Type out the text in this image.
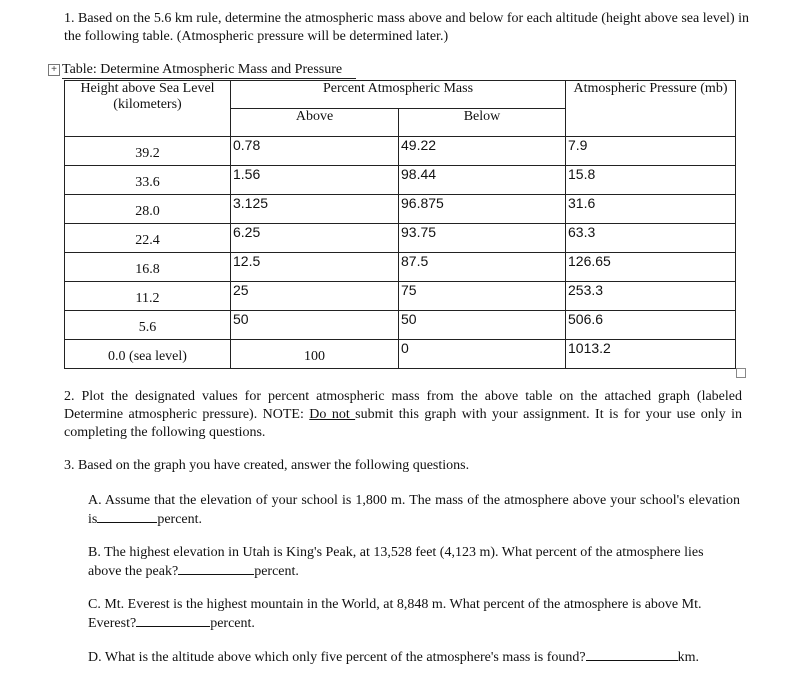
1. Based on the 5.6 km rule, determine the atmospheric mass above and below for each altitude (height above sea level) in the following table. (Atmospheric pressure will be determined later.)
+ Table: Determine Atmospheric Mass and Pressure
Height above Sea Level (kilometers)	Percent Atmospheric Mass		Atmospheric Pressure (mb)
	Above	Below	
39.2	0.78	49.22	7.9
33.6	1.56	98.44	15.8
28.0	3.125	96.875	31.6
22.4	6.25	93.75	63.3
16.8	12.5	87.5	126.65
11.2	25	75	253.3
5.6	50	50	506.6
0.0 (sea level)	100	0	1013.2
2. Plot the designated values for percent atmospheric mass from the above table on the attached graph (labeled Determine atmospheric pressure). NOTE: Do not submit this graph with your assignment. It is for your use only in completing the following questions.
3. Based on the graph you have created, answer the following questions.
A. Assume that the elevation of your school is 1,800 m. The mass of the atmosphere above your school's elevation is	percent.
B. The highest elevation in Utah is King's Peak, at 13,528 feet (4,123 m). What percent of the atmosphere lies above the peak?	percent.
C. Mt. Everest is the highest mountain in the World, at 8,848 m. What percent of the atmosphere is above Mt. Everest?	percent.
D. What is the altitude above which only five percent of the atmosphere's mass is found?	km.
